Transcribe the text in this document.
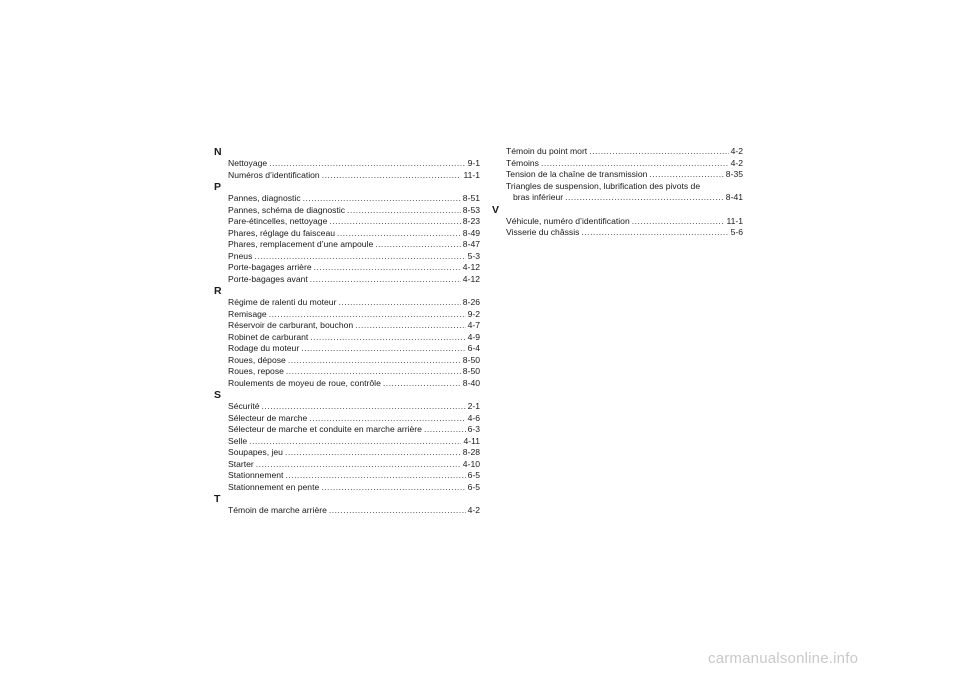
N
Nettoyage .....	9-1
Numéros d’identification .....	11-1
P
Pannes, diagnostic .....	8-51
Pannes, schéma de diagnostic .....	8-53
Pare-étincelles, nettoyage .....	8-23
Phares, réglage du faisceau .....	8-49
Phares, remplacement d’une ampoule .....	8-47
Pneus .....	5-3
Porte-bagages arrière .....	4-12
Porte-bagages avant .....	4-12
R
Régime de ralenti du moteur .....	8-26
Remisage .....	9-2
Réservoir de carburant, bouchon .....	4-7
Robinet de carburant .....	4-9
Rodage du moteur .....	6-4
Roues, dépose .....	8-50
Roues, repose .....	8-50
Roulements de moyeu de roue, contrôle .....	8-40
S
Sécurité .....	2-1
Sélecteur de marche .....	4-6
Sélecteur de marche et conduite en marche arrière .....	6-3
Selle .....	4-11
Soupapes, jeu .....	8-28
Starter .....	4-10
Stationnement .....	6-5
Stationnement en pente .....	6-5
T
Témoin de marche arrière .....	4-2
Témoin du point mort .....	4-2
Témoins .....	4-2
Tension de la chaîne de transmission .....	8-35
Triangles de suspension, lubrification des pivots de
bras inférieur .....	8-41
V
Véhicule, numéro d’identification .....	11-1
Visserie du châssis .....	5-6
carmanualsonline.info
